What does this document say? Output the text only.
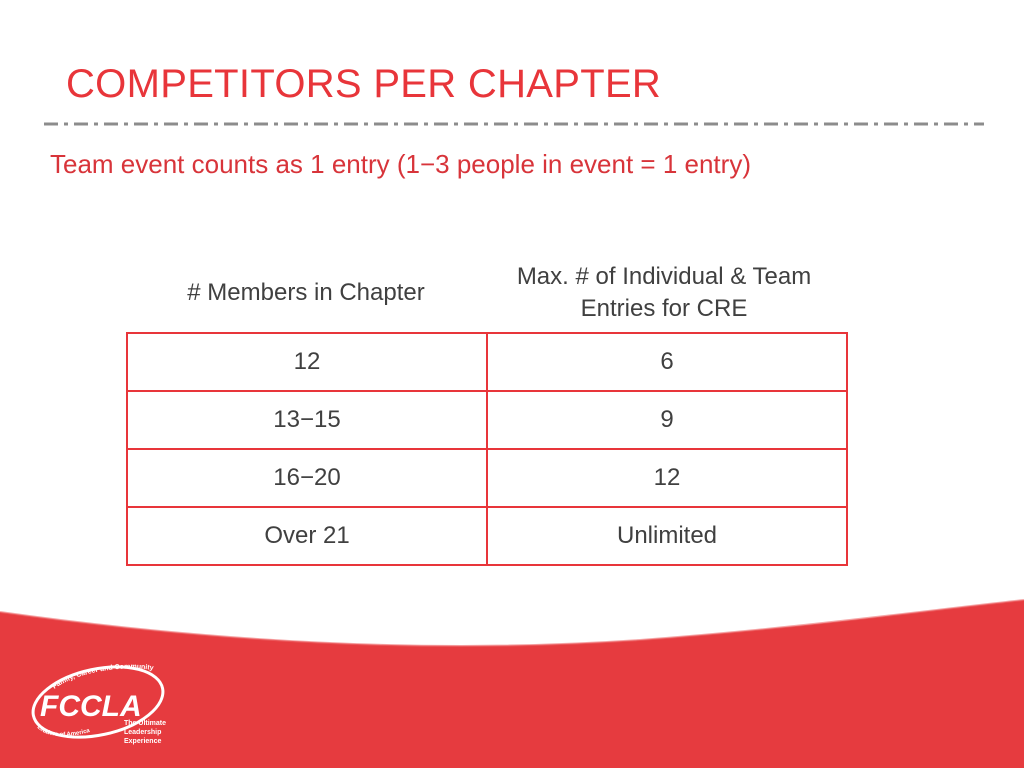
COMPETITORS PER CHAPTER
Team event counts as 1 entry (1−3 people in event = 1 entry)
# Members in Chapter
Max. # of Individual & Team Entries for CRE
12	6
13−15	9
16−20	12
Over 21	Unlimited
Family, Career and Community
FCCLA
Leaders of America
The Ultimate
Leadership
Experience
